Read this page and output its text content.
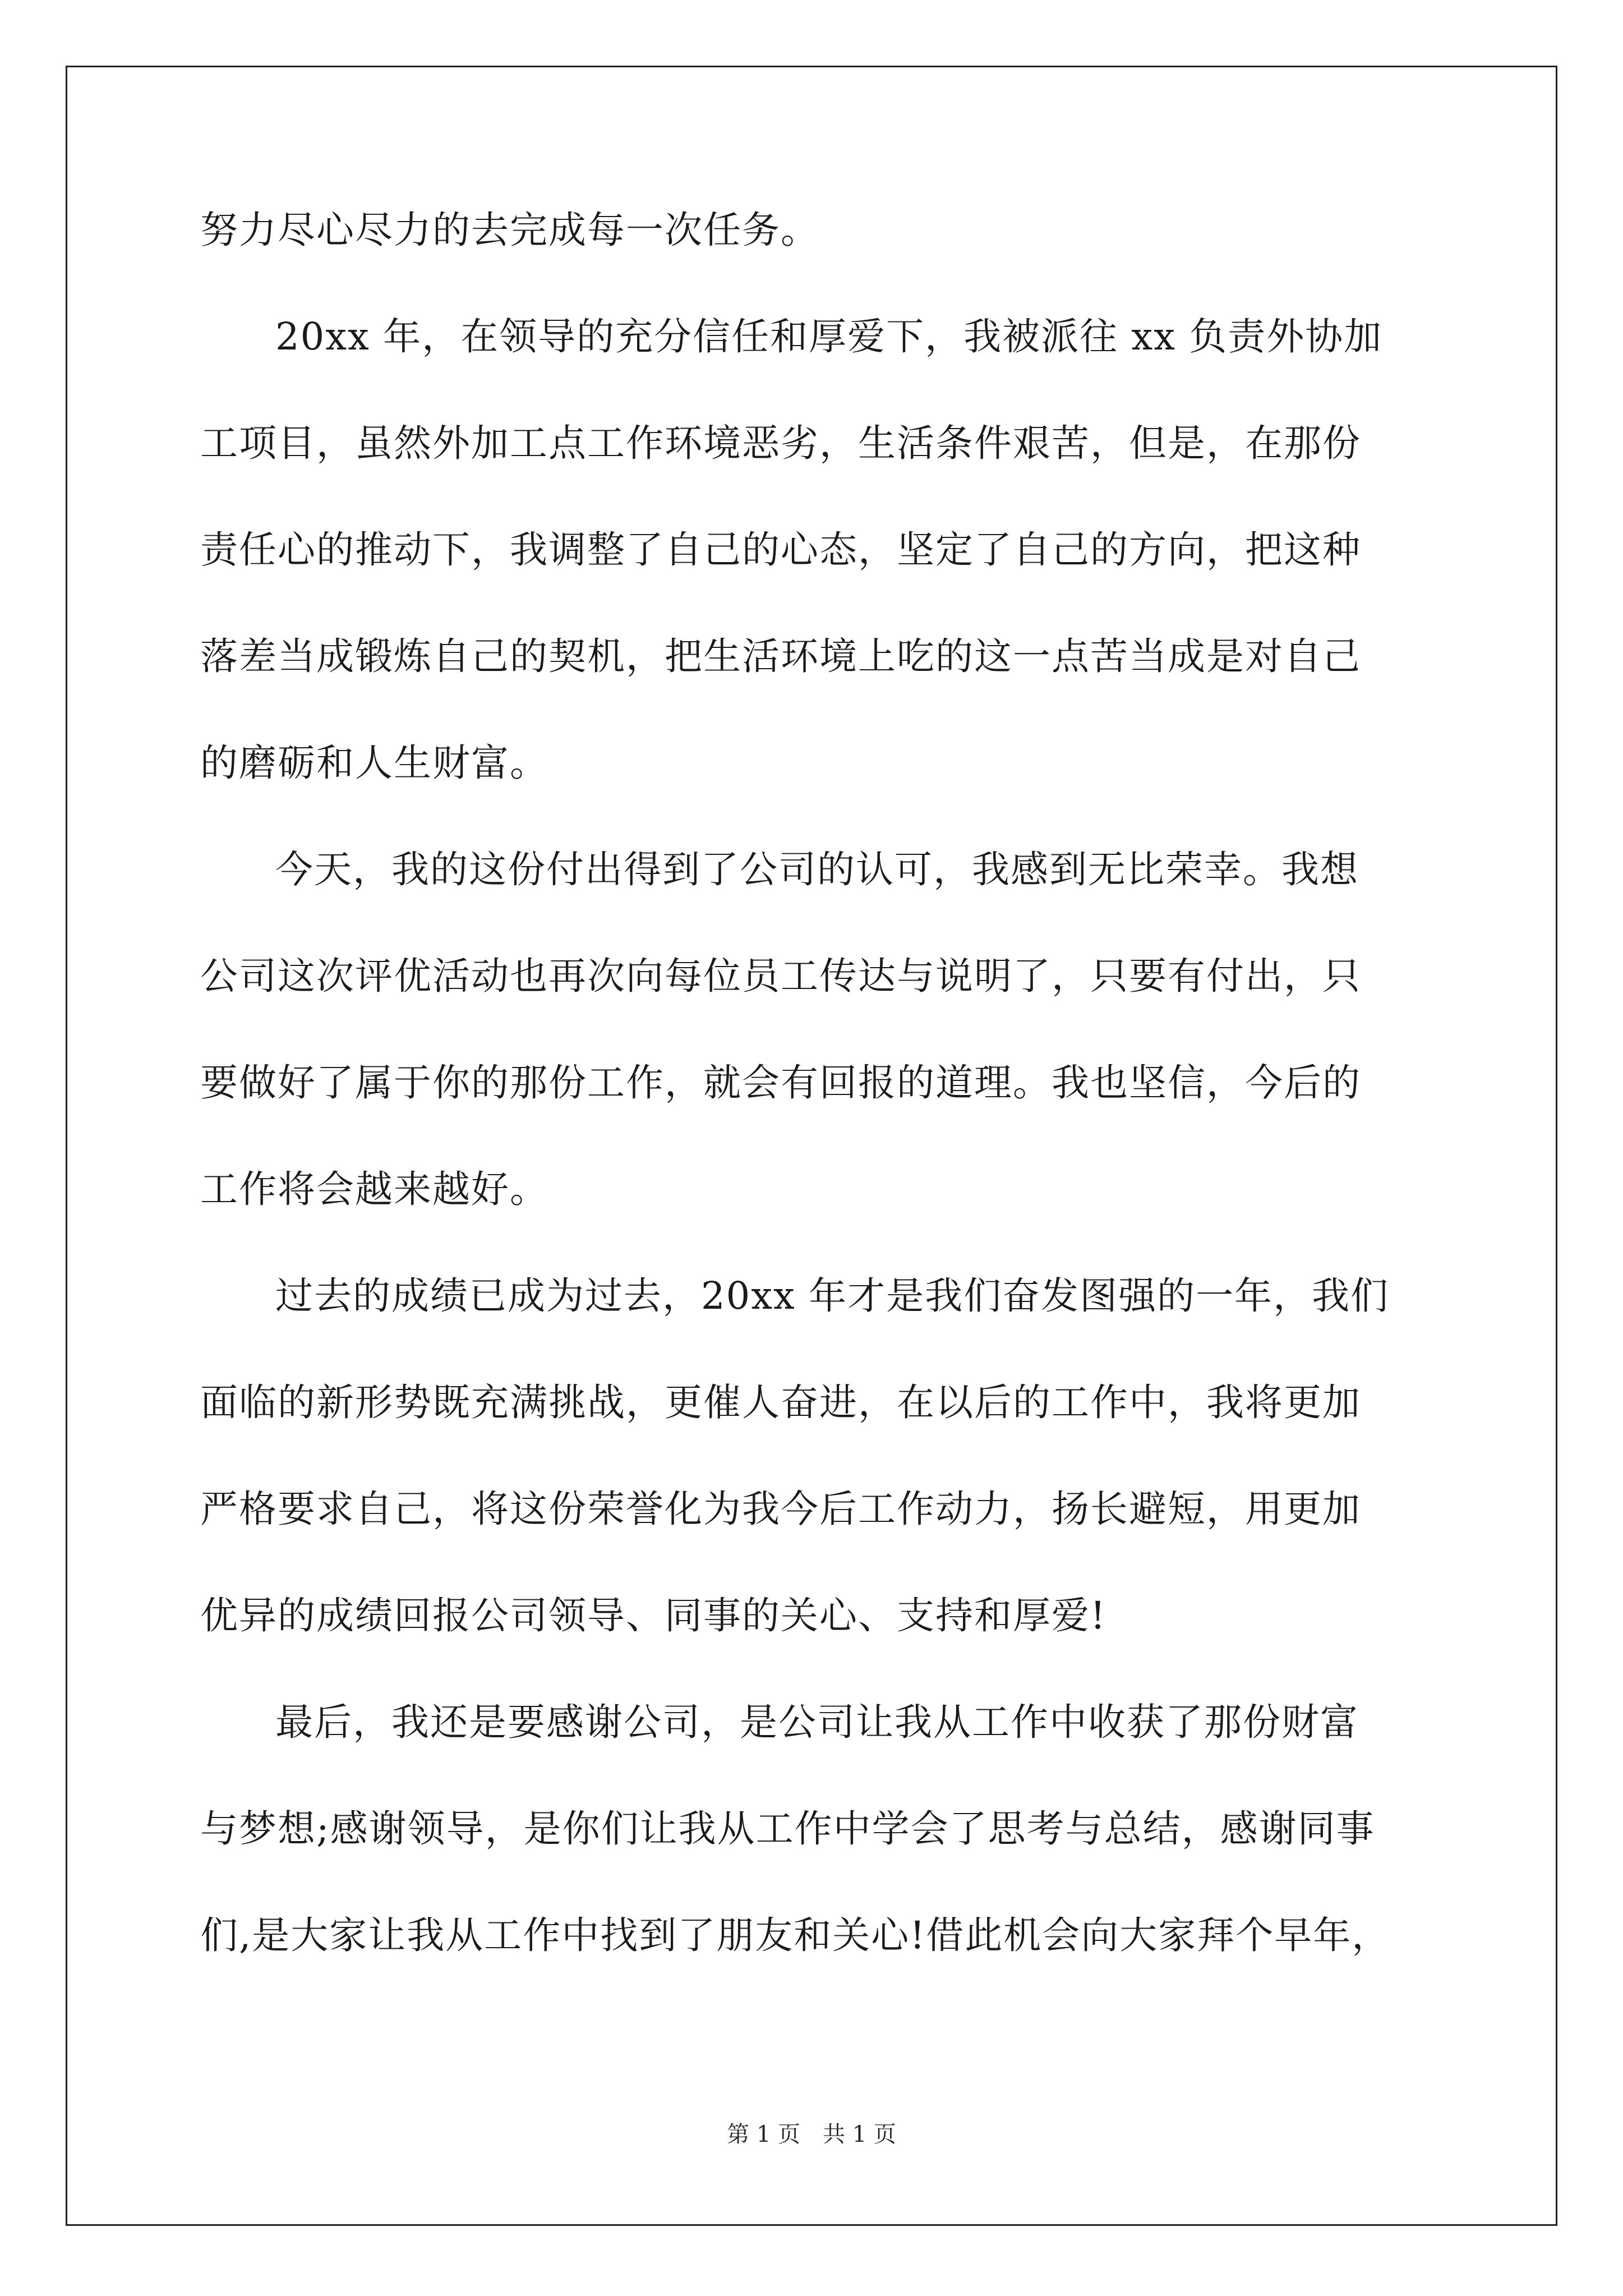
努力尽心尽力的去完成每一次任务。
20xx 年，在领导的充分信任和厚爱下，我被派往 xx 负责外协加
工项目，虽然外加工点工作环境恶劣，生活条件艰苦，但是，在那份
责任心的推动下，我调整了自己的心态，坚定了自己的方向，把这种
落差当成锻炼自己的契机，把生活环境上吃的这一点苦当成是对自己
的磨砺和人生财富。
今天，我的这份付出得到了公司的认可，我感到无比荣幸。我想
公司这次评优活动也再次向每位员工传达与说明了，只要有付出，只
要做好了属于你的那份工作，就会有回报的道理。我也坚信，今后的
工作将会越来越好。
过去的成绩已成为过去，20xx 年才是我们奋发图强的一年，我们
面临的新形势既充满挑战，更催人奋进，在以后的工作中，我将更加
严格要求自己，将这份荣誉化为我今后工作动力，扬长避短，用更加
优异的成绩回报公司领导、同事的关心、支持和厚爱!
最后，我还是要感谢公司，是公司让我从工作中收获了那份财富
与梦想;感谢领导，是你们让我从工作中学会了思考与总结，感谢同事
们,是大家让我从工作中找到了朋友和关心!借此机会向大家拜个早年，
第 1 页　共 1 页
